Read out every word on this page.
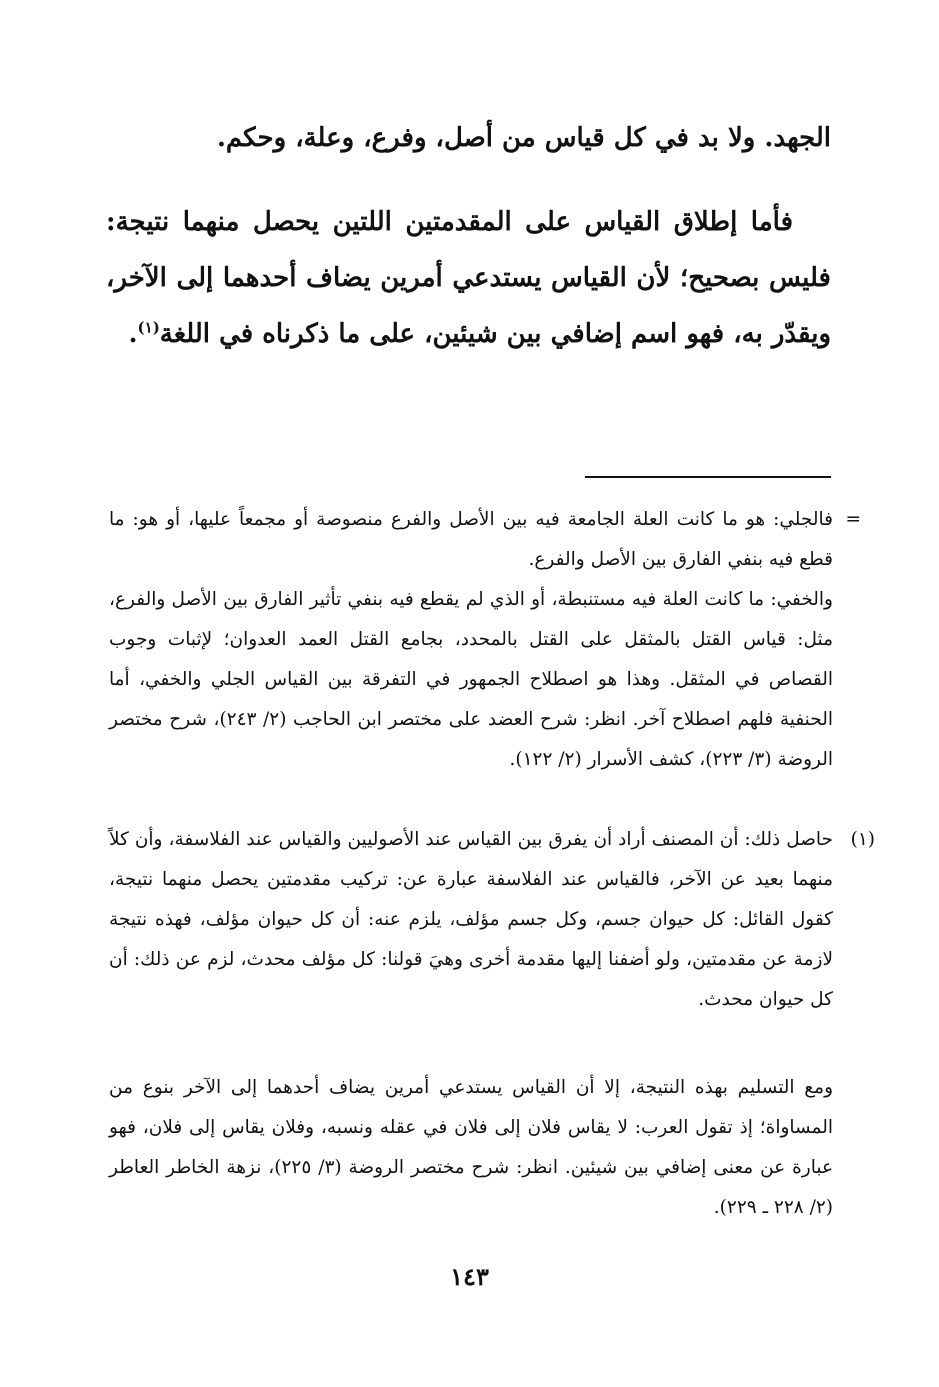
الجهد. ولا بد في كل قياس من أصل، وفرع، وعلة، وحكم.

فأما إطلاق القياس على المقدمتين اللتين يحصل منهما نتيجة: فليس بصحيح؛ لأن القياس يستدعي أمرين يضاف أحدهما إلى الآخر، ويقدّر به، فهو اسم إضافي بين شيئين، على ما ذكرناه في اللغة$^{(١)}$.

=
فالجلي: هو ما كانت العلة الجامعة فيه بين الأصل والفرع منصوصة أو مجمعاً عليها، أو هو: ما قطع فيه بنفي الفارق بين الأصل والفرع.
والخفي: ما كانت العلة فيه مستنبطة، أو الذي لم يقطع فيه بنفي تأثير الفارق بين الأصل والفرع، مثل: قياس القتل بالمثقل على القتل بالمحدد، بجامع القتل العمد العدوان؛ لإثبات وجوب القصاص في المثقل. وهذا هو اصطلاح الجمهور في التفرقة بين القياس الجلي والخفي، أما الحنفية فلهم اصطلاح آخر. انظر: شرح العضد على مختصر ابن الحاجب (٢/ ٢٤٣)، شرح مختصر الروضة (٣/ ٢٢٣)، كشف الأسرار (٢/ ١٢٢).
(١)
حاصل ذلك: أن المصنف أراد أن يفرق بين القياس عند الأصوليين والقياس عند الفلاسفة، وأن كلاً منهما بعيد عن الآخر، فالقياس عند الفلاسفة عبارة عن: تركيب مقدمتين يحصل منهما نتيجة، كقول القائل: كل حيوان جسم، وكل جسم مؤلف، يلزم عنه: أن كل حيوان مؤلف، فهذه نتيجة لازمة عن مقدمتين، ولو أضفنا إليها مقدمة أخرى وهيَ قولنا: كل مؤلف محدث، لزم عن ذلك: أن كل حيوان محدث.
ومع التسليم بهذه النتيجة، إلا أن القياس يستدعي أمرين يضاف أحدهما إلى الآخر بنوع من المساواة؛ إذ تقول العرب: لا يقاس فلان إلى فلان في عقله ونسبه، وفلان يقاس إلى فلان، فهو عبارة عن معنى إضافي بين شيئين. انظر: شرح مختصر الروضة (٣/ ٢٢٥)، نزهة الخاطر العاطر (٢/ ٢٢٨ ـ ٢٢٩).
١٤٣
